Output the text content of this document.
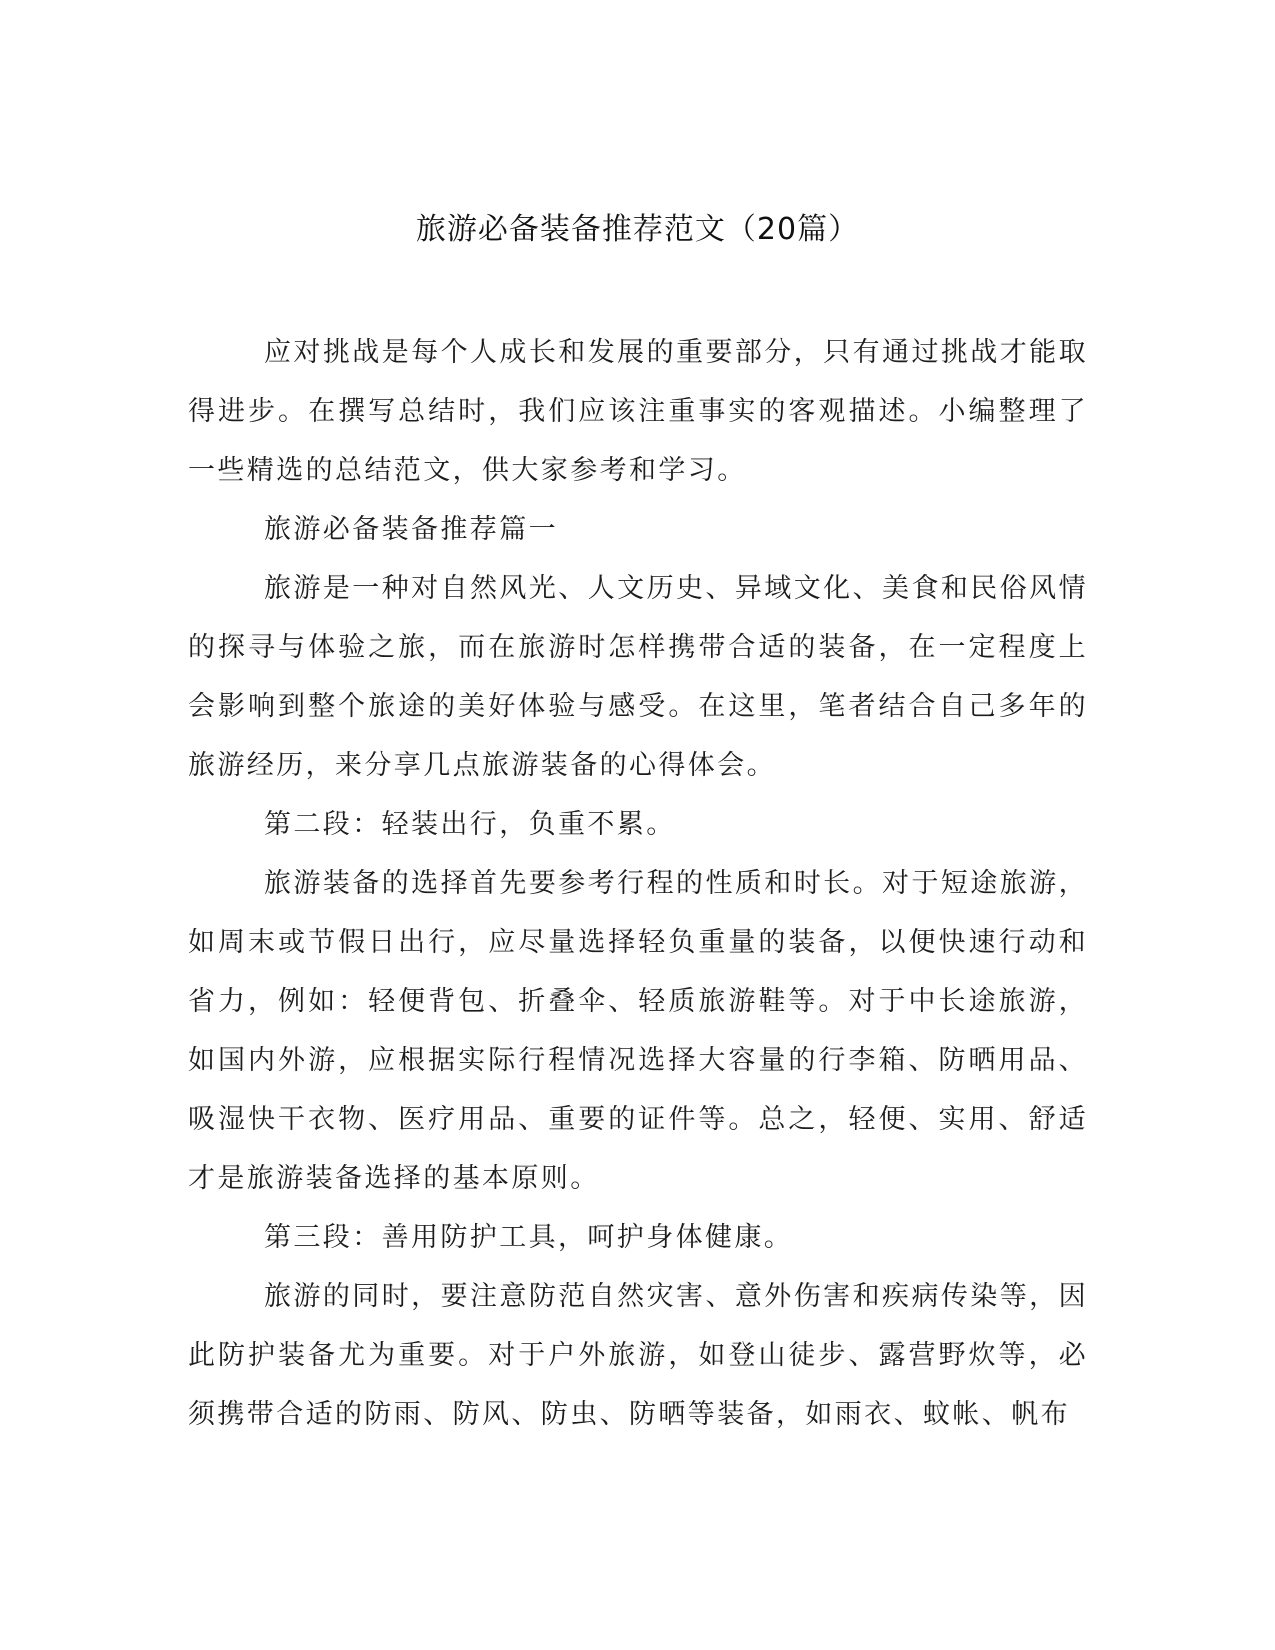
旅游必备装备推荐范文（20篇）

应对挑战是每个人成长和发展的重要部分，只有通过挑战才能取得进步。在撰写总结时，我们应该注重事实的客观描述。小编整理了一些精选的总结范文，供大家参考和学习。

旅游必备装备推荐篇一

旅游是一种对自然风光、人文历史、异域文化、美食和民俗风情的探寻与体验之旅，而在旅游时怎样携带合适的装备，在一定程度上会影响到整个旅途的美好体验与感受。在这里，笔者结合自己多年的旅游经历，来分享几点旅游装备的心得体会。

第二段：轻装出行，负重不累。

旅游装备的选择首先要参考行程的性质和时长。对于短途旅游，如周末或节假日出行，应尽量选择轻负重量的装备，以便快速行动和省力，例如：轻便背包、折叠伞、轻质旅游鞋等。对于中长途旅游，如国内外游，应根据实际行程情况选择大容量的行李箱、防晒用品、吸湿快干衣物、医疗用品、重要的证件等。总之，轻便、实用、舒适才是旅游装备选择的基本原则。

第三段：善用防护工具，呵护身体健康。

旅游的同时，要注意防范自然灾害、意外伤害和疾病传染等，因此防护装备尤为重要。对于户外旅游，如登山徒步、露营野炊等，必须携带合适的防雨、防风、防虫、防晒等装备，如雨衣、蚊帐、帆布
